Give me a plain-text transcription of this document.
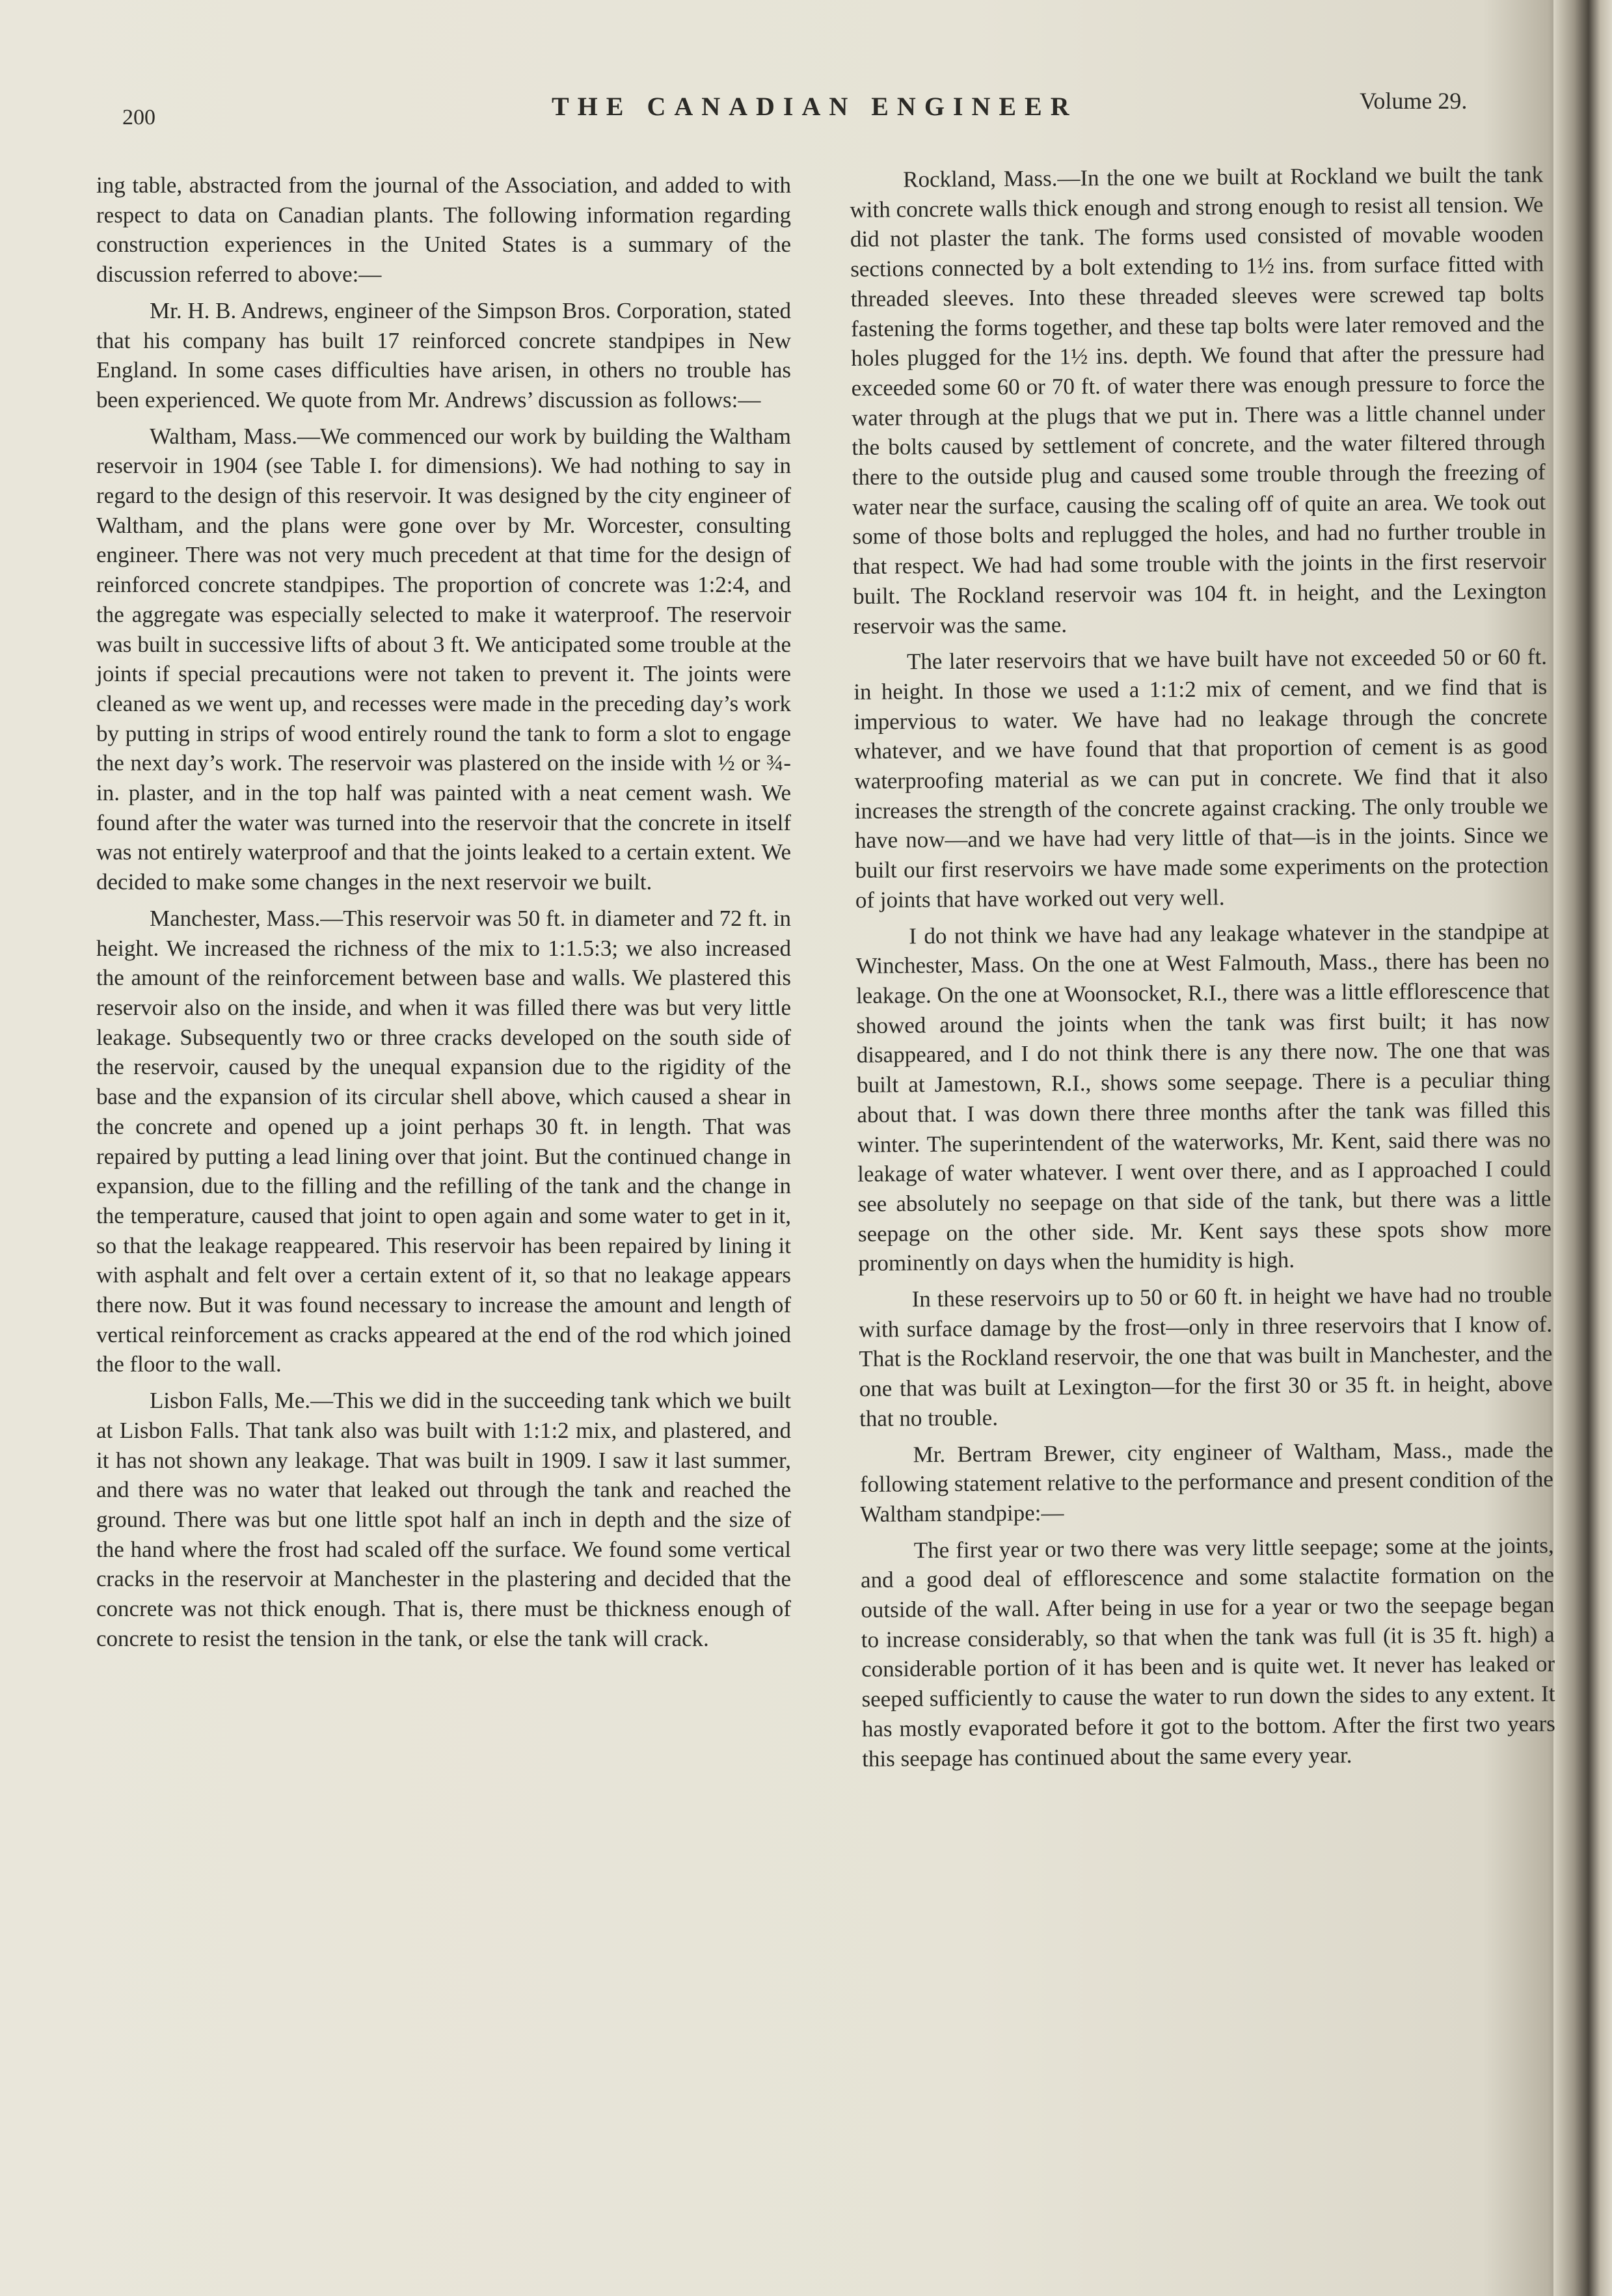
200	THE CANADIAN ENGINEER	Volume 29.

ing table, abstracted from the journal of the Association, and added to with respect to data on Canadian plants. The following information regarding construction experiences in the United States is a summary of the discussion referred to above:—

Mr. H. B. Andrews, engineer of the Simpson Bros. Corporation, stated that his company has built 17 reinforced concrete standpipes in New England. In some cases difficulties have arisen, in others no trouble has been experienced. We quote from Mr. Andrews’ discussion as follows:—

Waltham, Mass.—We commenced our work by building the Waltham reservoir in 1904 (see Table I. for dimensions). We had nothing to say in regard to the design of this reservoir. It was designed by the city engineer of Waltham, and the plans were gone over by Mr. Worcester, consulting engineer. There was not very much precedent at that time for the design of reinforced concrete standpipes. The proportion of concrete was 1:2:4, and the aggregate was especially selected to make it waterproof. The reservoir was built in successive lifts of about 3 ft. We anticipated some trouble at the joints if special precautions were not taken to prevent it. The joints were cleaned as we went up, and recesses were made in the preceding day’s work by putting in strips of wood entirely round the tank to form a slot to engage the next day’s work. The reservoir was plastered on the inside with ½ or ¾-in. plaster, and in the top half was painted with a neat cement wash. We found after the water was turned into the reservoir that the concrete in itself was not entirely waterproof and that the joints leaked to a certain extent. We decided to make some changes in the next reservoir we built.

Manchester, Mass.—This reservoir was 50 ft. in diameter and 72 ft. in height. We increased the richness of the mix to 1:1.5:3; we also increased the amount of the reinforcement between base and walls. We plastered this reservoir also on the inside, and when it was filled there was but very little leakage. Subsequently two or three cracks developed on the south side of the reservoir, caused by the unequal expansion due to the rigidity of the base and the expansion of its circular shell above, which caused a shear in the concrete and opened up a joint perhaps 30 ft. in length. That was repaired by putting a lead lining over that joint. But the continued change in expansion, due to the filling and the refilling of the tank and the change in the temperature, caused that joint to open again and some water to get in it, so that the leakage reappeared. This reservoir has been repaired by lining it with asphalt and felt over a certain extent of it, so that no leakage appears there now. But it was found necessary to increase the amount and length of vertical reinforcement as cracks appeared at the end of the rod which joined the floor to the wall.

Lisbon Falls, Me.—This we did in the succeeding tank which we built at Lisbon Falls. That tank also was built with 1:1:2 mix, and plastered, and it has not shown any leakage. That was built in 1909. I saw it last summer, and there was no water that leaked out through the tank and reached the ground. There was but one little spot half an inch in depth and the size of the hand where the frost had scaled off the surface. We found some vertical cracks in the reservoir at Manchester in the plastering and decided that the concrete was not thick enough. That is, there must be thickness enough of concrete to resist the tension in the tank, or else the tank will crack.

Rockland, Mass.—In the one we built at Rockland we built the tank with concrete walls thick enough and strong enough to resist all tension. We did not plaster the tank. The forms used consisted of movable wooden sections connected by a bolt extending to 1½ ins. from surface fitted with threaded sleeves. Into these threaded sleeves were screwed tap bolts fastening the forms together, and these tap bolts were later removed and the holes plugged for the 1½ ins. depth. We found that after the pressure had exceeded some 60 or 70 ft. of water there was enough pressure to force the water through at the plugs that we put in. There was a little channel under the bolts caused by settlement of concrete, and the water filtered through there to the outside plug and caused some trouble through the freezing of water near the surface, causing the scaling off of quite an area. We took out some of those bolts and replugged the holes, and had no further trouble in that respect. We had had some trouble with the joints in the first reservoir built. The Rockland reservoir was 104 ft. in height, and the Lexington reservoir was the same.

The later reservoirs that we have built have not exceeded 50 or 60 ft. in height. In those we used a 1:1:2 mix of cement, and we find that is impervious to water. We have had no leakage through the concrete whatever, and we have found that that proportion of cement is as good waterproofing material as we can put in concrete. We find that it also increases the strength of the concrete against cracking. The only trouble we have now—and we have had very little of that—is in the joints. Since we built our first reservoirs we have made some experiments on the protection of joints that have worked out very well.

I do not think we have had any leakage whatever in the standpipe at Winchester, Mass. On the one at West Falmouth, Mass., there has been no leakage. On the one at Woonsocket, R.I., there was a little efflorescence that showed around the joints when the tank was first built; it has now disappeared, and I do not think there is any there now. The one that was built at Jamestown, R.I., shows some seepage. There is a peculiar thing about that. I was down there three months after the tank was filled this winter. The superintendent of the waterworks, Mr. Kent, said there was no leakage of water whatever. I went over there, and as I approached I could see absolutely no seepage on that side of the tank, but there was a little seepage on the other side. Mr. Kent says these spots show more prominently on days when the humidity is high.

In these reservoirs up to 50 or 60 ft. in height we have had no trouble with surface damage by the frost—only in three reservoirs that I know of. That is the Rockland reservoir, the one that was built in Manchester, and the one that was built at Lexington—for the first 30 or 35 ft. in height, above that no trouble.

Mr. Bertram Brewer, city engineer of Waltham, Mass., made the following statement relative to the performance and present condition of the Waltham standpipe:—

The first year or two there was very little seepage; some at the joints, and a good deal of efflorescence and some stalactite formation on the outside of the wall. After being in use for a year or two the seepage began to increase considerably, so that when the tank was full (it is 35 ft. high) a considerable portion of it has been and is quite wet. It never has leaked or seeped sufficiently to cause the water to run down the sides to any extent. It has mostly evaporated before it got to the bottom. After the first two years this seepage has continued about the same every year.
